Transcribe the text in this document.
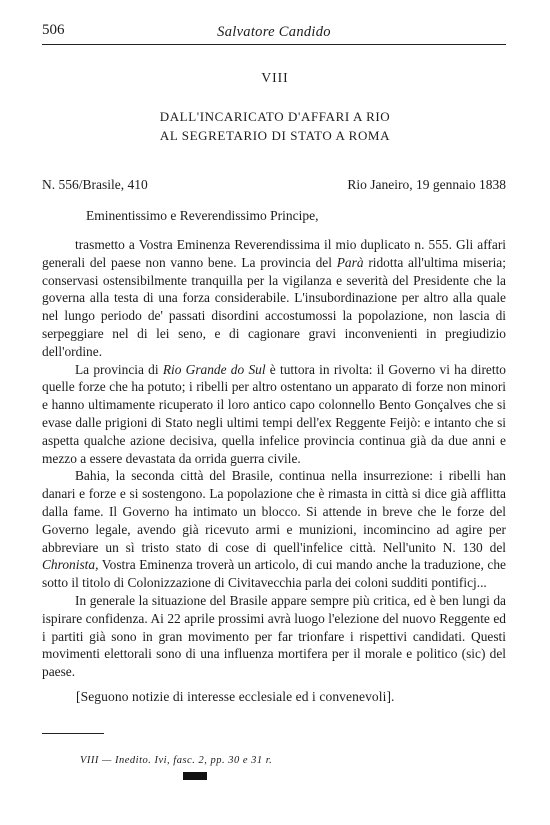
506	Salvatore Candido
VIII
DALL'INCARICATO D'AFFARI A RIO
AL SEGRETARIO DI STATO A ROMA
N. 556/Brasile, 410	Rio Janeiro, 19 gennaio 1838
Eminentissimo e Reverendissimo Principe,

trasmetto a Vostra Eminenza Reverendissima il mio duplicato n. 555. Gli affari generali del paese non vanno bene. La provincia del Parà ridotta all'ultima miseria; conservasi ostensibilmente tranquilla per la vigilanza e severità del Presidente che la governa alla testa di una forza considerabile. L'insubordinazione per altro alla quale nel lungo periodo de' passati disordini accostumossi la popolazione, non lascia di serpeggiare nel di lei seno, e di cagionare gravi inconvenienti in pregiudizio dell'ordine.

La provincia di Rio Grande do Sul è tuttora in rivolta: il Governo vi ha diretto quelle forze che ha potuto; i ribelli per altro ostentano un apparato di forze non minori e hanno ultimamente ricuperato il loro antico capo colonnello Bento Gonçalves che si evase dalle prigioni di Stato negli ultimi tempi dell'ex Reggente Feijò: e intanto che si aspetta qualche azione decisiva, quella infelice provincia continua già da due anni e mezzo a essere devastata da orrida guerra civile.

Bahia, la seconda città del Brasile, continua nella insurrezione: i ribelli han danari e forze e si sostengono. La popolazione che è rimasta in città si dice già afflitta dalla fame. Il Governo ha intimato un blocco. Si attende in breve che le forze del Governo legale, avendo già ricevuto armi e munizioni, incomincino ad agire per abbreviare un sì tristo stato di cose di quell'infelice città. Nell'unito N. 130 del Chronista, Vostra Eminenza troverà un articolo, di cui mando anche la traduzione, che sotto il titolo di Colonizzazione di Civitavecchia parla dei coloni sudditi pontificj...

In generale la situazione del Brasile appare sempre più critica, ed è ben lungi da ispirare confidenza. Ai 22 aprile prossimi avrà luogo l'elezione del nuovo Reggente ed i partiti già sono in gran movimento per far trionfare i rispettivi candidati. Questi movimenti elettorali sono di una influenza mortifera per il morale e politico (sic) del paese.

[Seguono notizie di interesse ecclesiale ed i convenevoli].
VIII — Inedito. Ivi, fasc. 2, pp. 30 e 31 r.
